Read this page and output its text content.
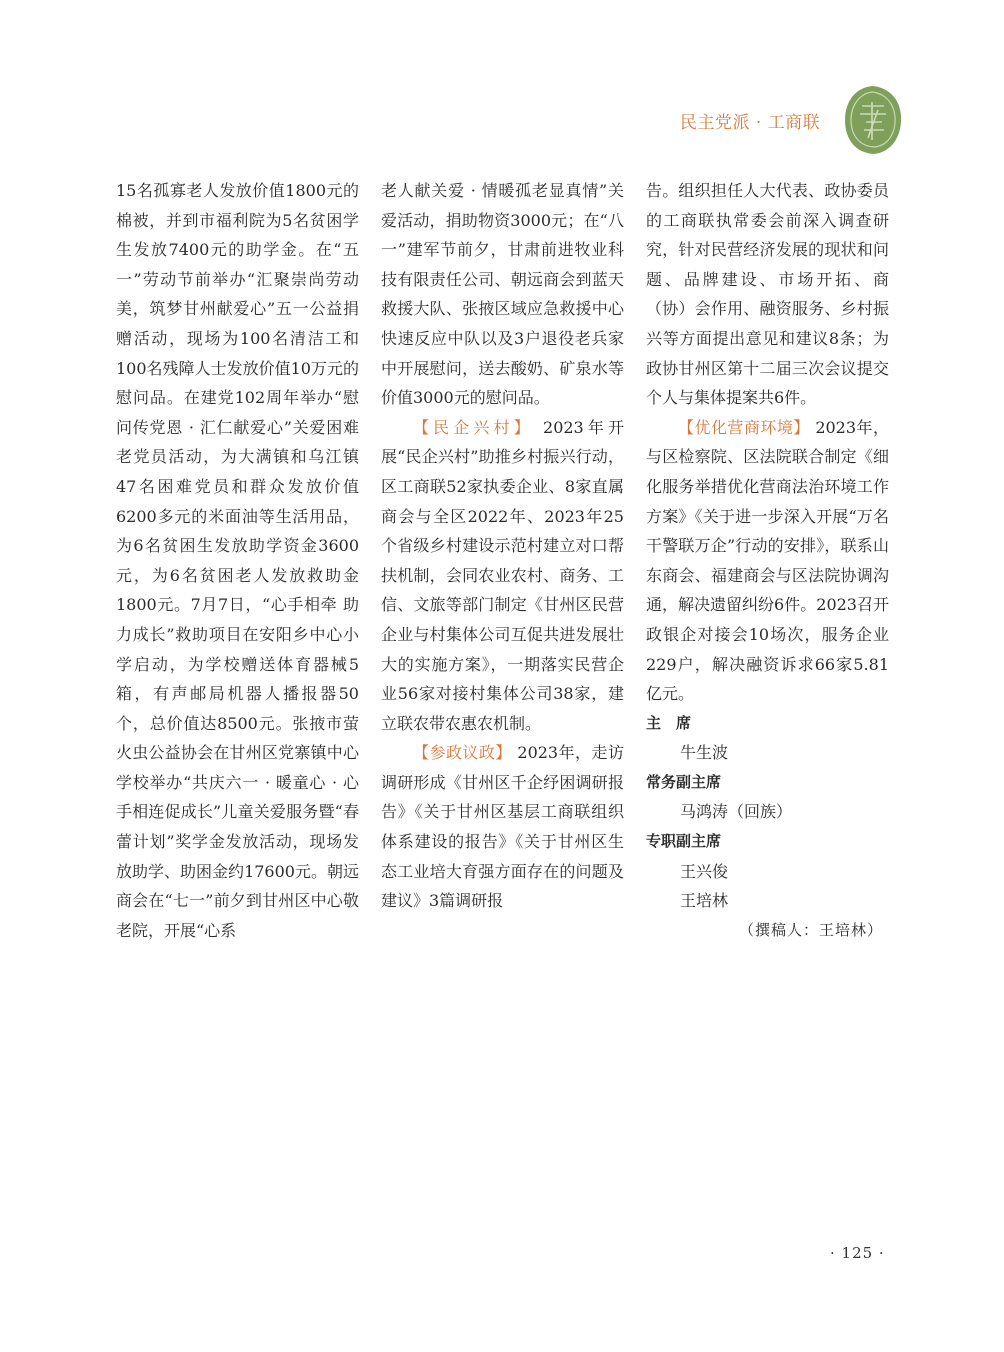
民主党派 · 工商联

15名孤寡老人发放价值1800元的棉被，并到市福利院为5名贫困学生发放7400元的助学金。在“五一”劳动节前举办“汇聚崇尚劳动美，筑梦甘州献爱心”五一公益捐赠活动，现场为100名清洁工和100名残障人士发放价值10万元的慰问品。在建党102周年举办“慰问传党恩 · 汇仁献爱心”关爱困难老党员活动，为大满镇和乌江镇47名困难党员和群众发放价值6200多元的米面油等生活用品，为6名贫困生发放助学资金3600元，为6名贫困老人发放救助金1800元。7月7日，“心手相牵 助力成长”救助项目在安阳乡中心小学启动，为学校赠送体育器械5箱，有声邮局机器人播报器50个，总价值达8500元。张掖市萤火虫公益协会在甘州区党寨镇中心学校举办“共庆六一 · 暖童心 · 心手相连促成长”儿童关爱服务暨“春蕾计划”奖学金发放活动，现场发放助学、助困金约17600元。朝远商会在“七一”前夕到甘州区中心敬老院，开展“心系

老人献关爱 · 情暖孤老显真情”关爱活动，捐助物资3000元；在“八一”建军节前夕，甘肃前进牧业科技有限责任公司、朝远商会到蓝天救援大队、张掖区域应急救援中心快速反应中队以及3户退役老兵家中开展慰问，送去酸奶、矿泉水等价值3000元的慰问品。

【民企兴村】 2023年开展“民企兴村”助推乡村振兴行动，区工商联52家执委企业、8家直属商会与全区2022年、2023年25个省级乡村建设示范村建立对口帮扶机制，会同农业农村、商务、工信、文旅等部门制定《甘州区民营企业与村集体公司互促共进发展壮大的实施方案》，一期落实民营企业56家对接村集体公司38家，建立联农带农惠农机制。

【参政议政】 2023年，走访调研形成《甘州区千企纾困调研报告》《关于甘州区基层工商联组织体系建设的报告》《关于甘州区生态工业培大育强方面存在的问题及建议》3篇调研报

告。组织担任人大代表、政协委员的工商联执常委会前深入调查研究，针对民营经济发展的现状和问题、品牌建设、市场开拓、商（协）会作用、融资服务、乡村振兴等方面提出意见和建议8条；为政协甘州区第十二届三次会议提交个人与集体提案共6件。

【优化营商环境】 2023年，与区检察院、区法院联合制定《细化服务举措优化营商法治环境工作方案》《关于进一步深入开展“万名干警联万企”行动的安排》，联系山东商会、福建商会与区法院协调沟通，解决遗留纠纷6件。2023召开政银企对接会10场次，服务企业229户，解决融资诉求66家5.81亿元。

主　席

牛生波

常务副主席

马鸿涛（回族）

专职副主席

王兴俊

王培林

（撰稿人：王培林）

· 125 ·
